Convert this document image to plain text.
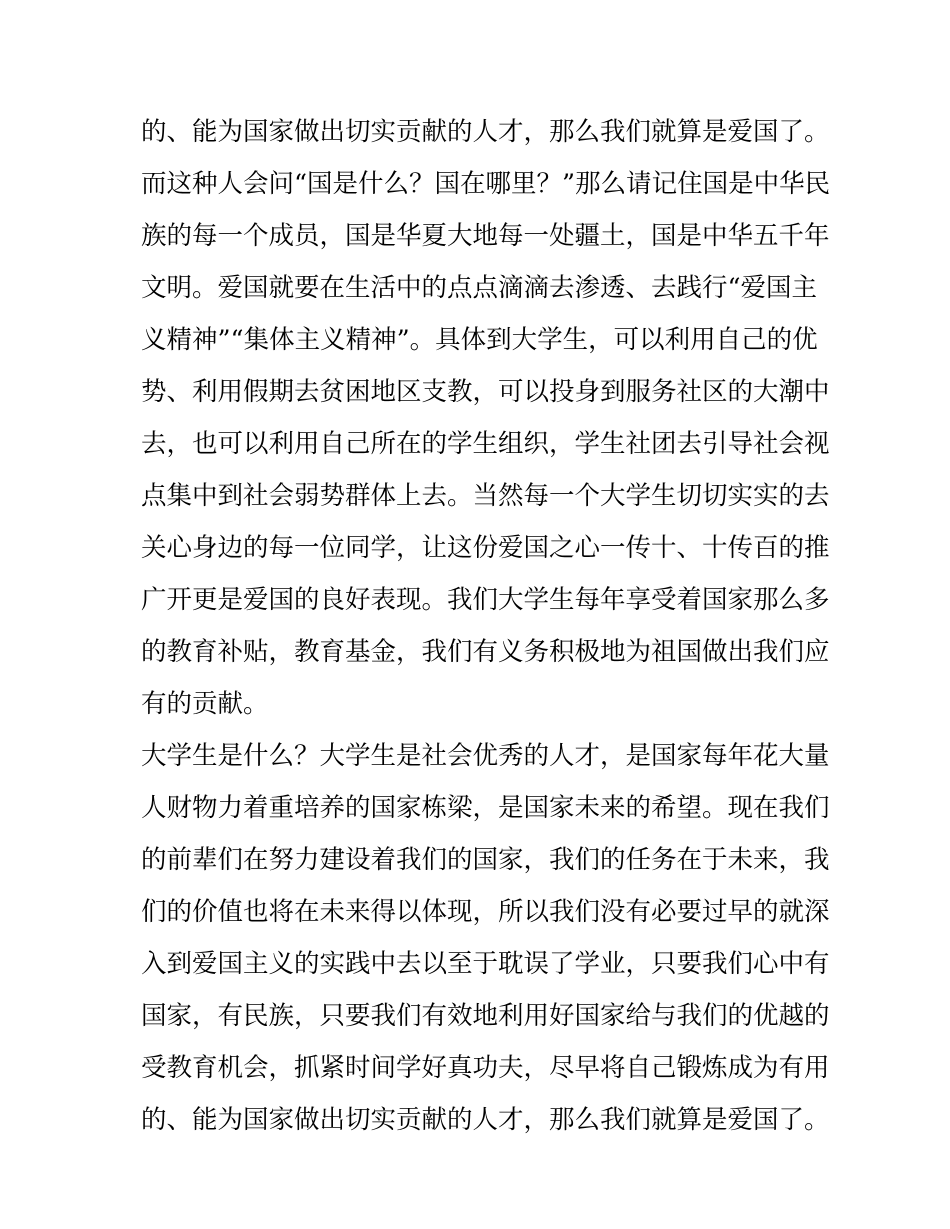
的、能为国家做出切实贡献的人才，那么我们就算是爱国了。
而这种人会问“国是什么？国在哪里？”那么请记住国是中华民
族的每一个成员，国是华夏大地每一处疆土，国是中华五千年
文明。爱国就要在生活中的点点滴滴去渗透、去践行“爱国主
义精神”“集体主义精神”。具体到大学生，可以利用自己的优
势、利用假期去贫困地区支教，可以投身到服务社区的大潮中
去，也可以利用自己所在的学生组织，学生社团去引导社会视
点集中到社会弱势群体上去。当然每一个大学生切切实实的去
关心身边的每一位同学，让这份爱国之心一传十、十传百的推
广开更是爱国的良好表现。我们大学生每年享受着国家那么多
的教育补贴，教育基金，我们有义务积极地为祖国做出我们应
有的贡献。
大学生是什么？大学生是社会优秀的人才，是国家每年花大量
人财物力着重培养的国家栋梁，是国家未来的希望。现在我们
的前辈们在努力建设着我们的国家，我们的任务在于未来，我
们的价值也将在未来得以体现，所以我们没有必要过早的就深
入到爱国主义的实践中去以至于耽误了学业，只要我们心中有
国家，有民族，只要我们有效地利用好国家给与我们的优越的
受教育机会，抓紧时间学好真功夫，尽早将自己锻炼成为有用
的、能为国家做出切实贡献的人才，那么我们就算是爱国了。
